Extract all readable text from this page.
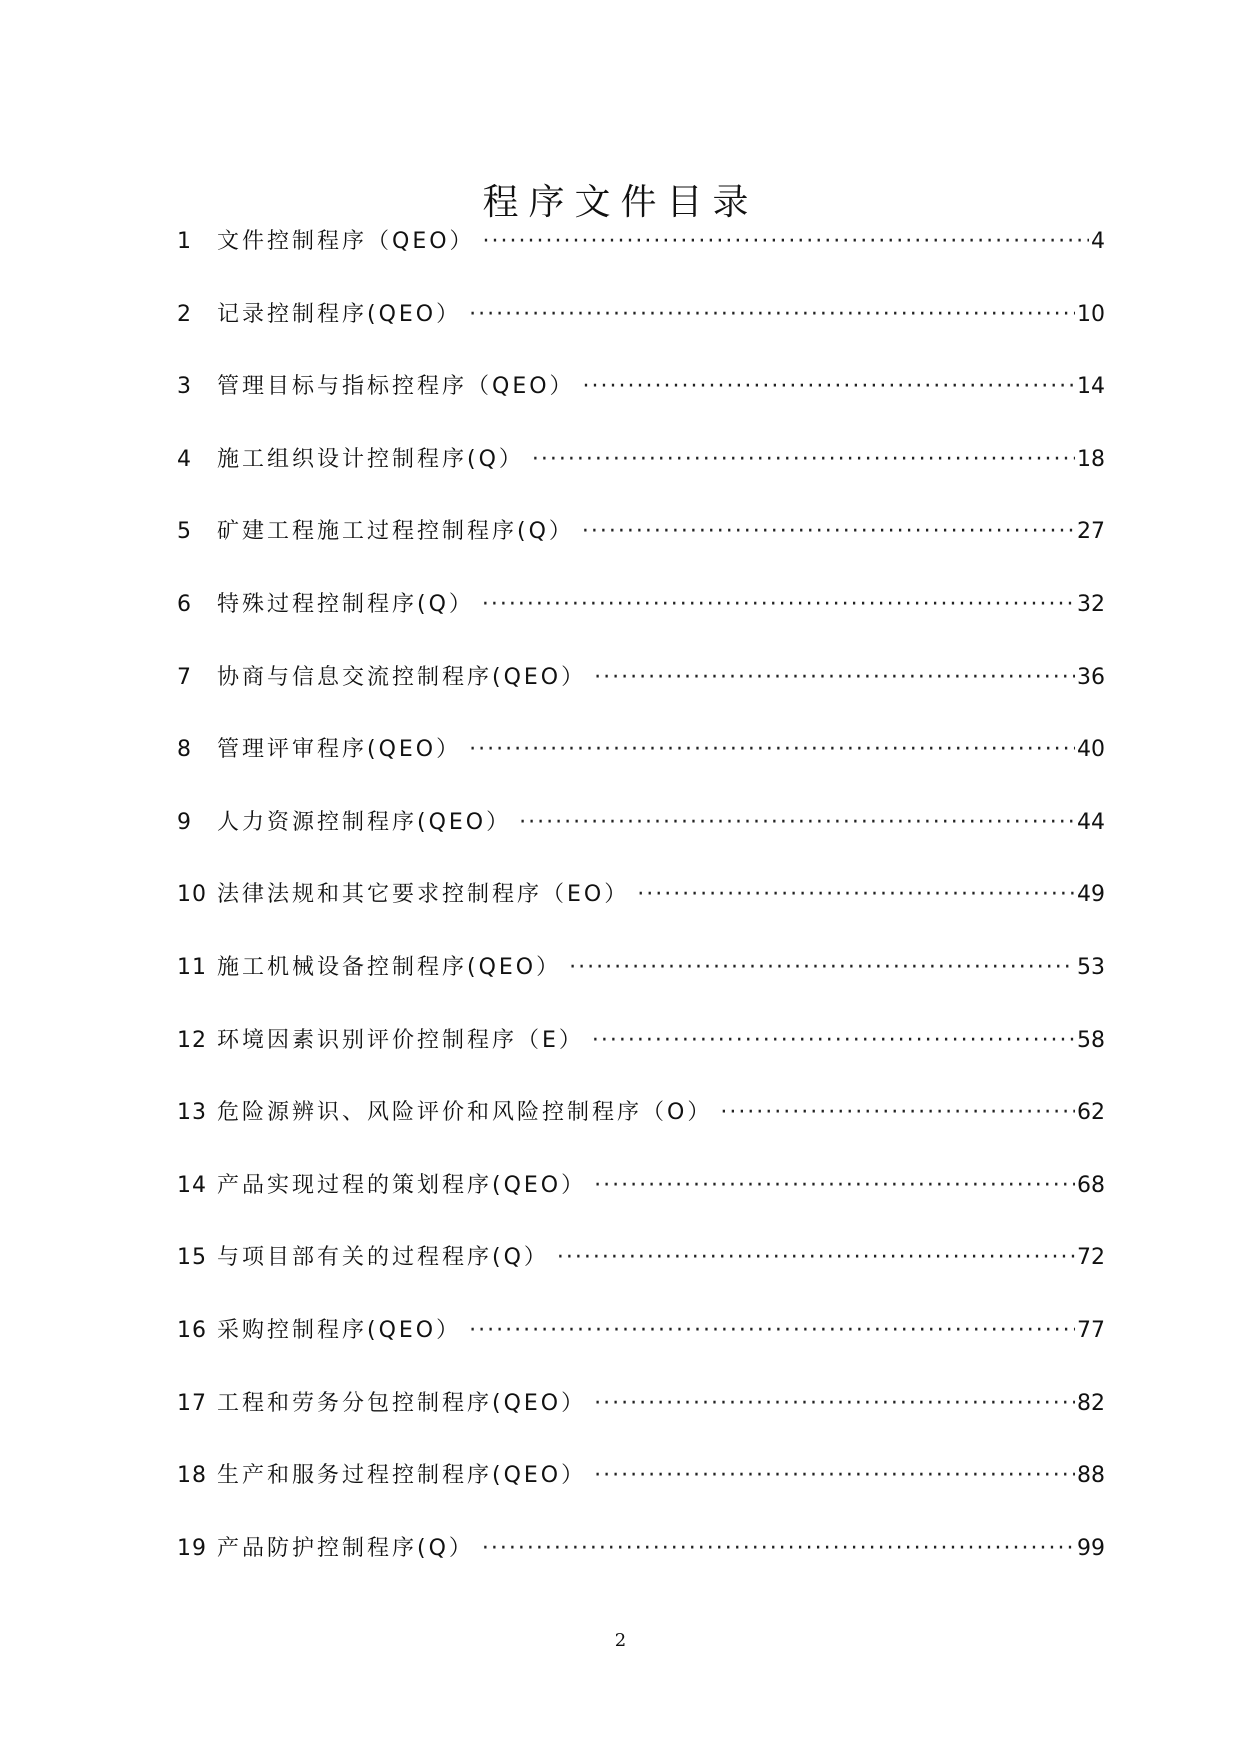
程序文件目录
1	文件控制程序（QEO） ·····	4
2	记录控制程序(QEO） ·····	10
3	管理目标与指标控程序（QEO） ·····	14
4	施工组织设计控制程序(Q） ·····	18
5	矿建工程施工过程控制程序(Q） ·····	27
6	特殊过程控制程序(Q） ·····	32
7	协商与信息交流控制程序(QEO） ·····	36
8	管理评审程序(QEO） ·····	40
9	人力资源控制程序(QEO） ·····	44
10 法律法规和其它要求控制程序（EO） ·····	49
11 施工机械设备控制程序(QEO） ·····	53
12 环境因素识别评价控制程序（E） ·····	58
13 危险源辨识、风险评价和风险控制程序（O） ·····	62
14 产品实现过程的策划程序(QEO） ·····	68
15 与项目部有关的过程程序(Q） ·····	72
16 采购控制程序(QEO） ·····	77
17 工程和劳务分包控制程序(QEO） ·····	82
18 生产和服务过程控制程序(QEO） ·····	88
19 产品防护控制程序(Q） ·····	99
2
